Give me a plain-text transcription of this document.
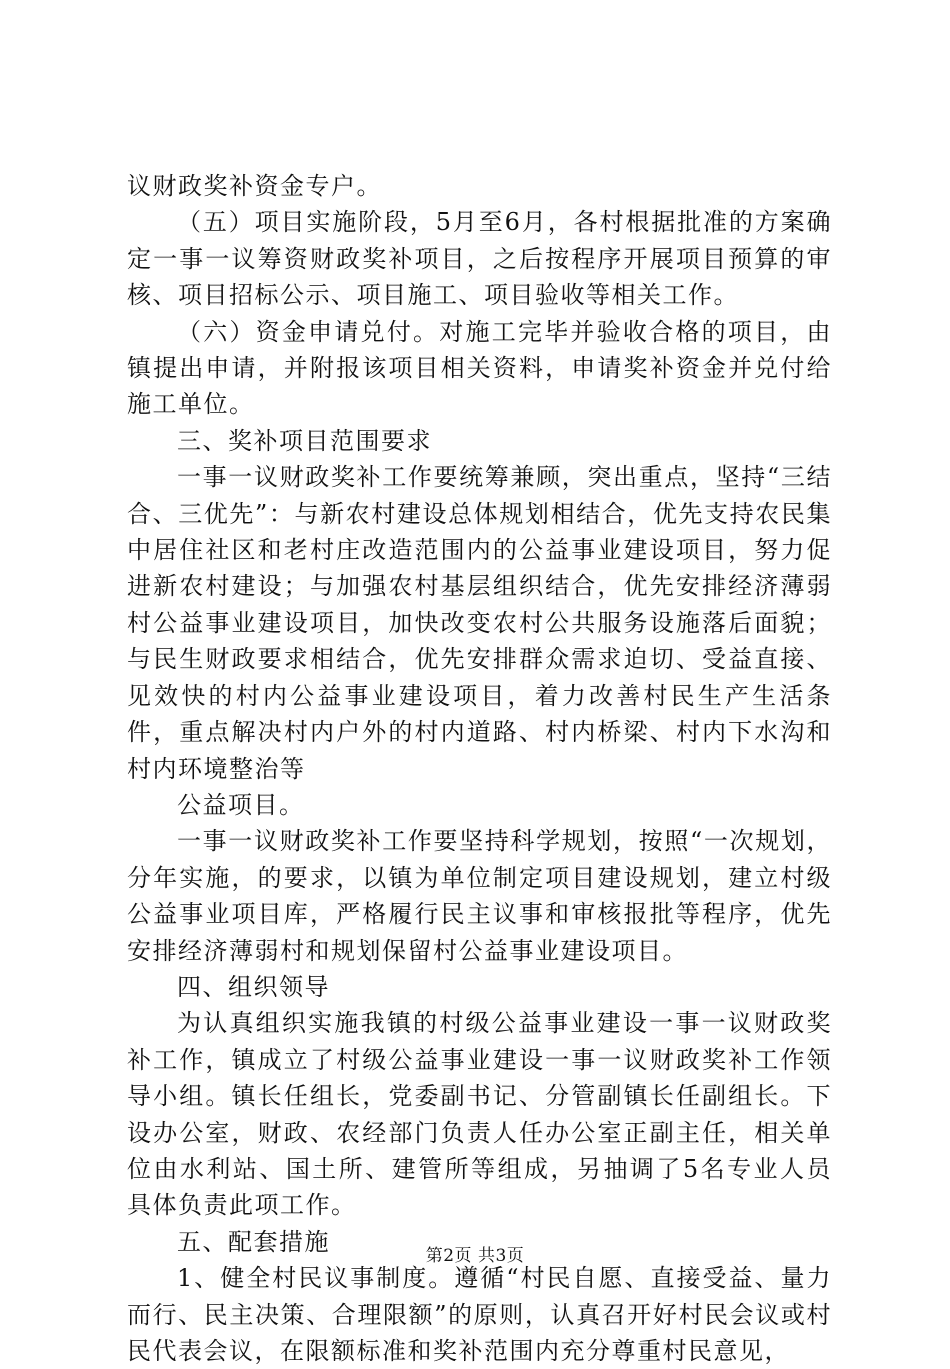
议财政奖补资金专户。

（五）项目实施阶段，5月至6月，各村根据批准的方案确定一事一议筹资财政奖补项目，之后按程序开展项目预算的审核、项目招标公示、项目施工、项目验收等相关工作。

（六）资金申请兑付。对施工完毕并验收合格的项目，由镇提出申请，并附报该项目相关资料，申请奖补资金并兑付给施工单位。

三、奖补项目范围要求

一事一议财政奖补工作要统筹兼顾，突出重点，坚持“三结合、三优先”：与新农村建设总体规划相结合，优先支持农民集中居住社区和老村庄改造范围内的公益事业建设项目，努力促进新农村建设；与加强农村基层组织结合，优先安排经济薄弱村公益事业建设项目，加快改变农村公共服务设施落后面貌；与民生财政要求相结合，优先安排群众需求迫切、受益直接、见效快的村内公益事业建设项目，着力改善村民生产生活条件，重点解决村内户外的村内道路、村内桥梁、村内下水沟和村内环境整治等

公益项目。

一事一议财政奖补工作要坚持科学规划，按照“一次规划，分年实施，的要求，以镇为单位制定项目建设规划，建立村级公益事业项目库，严格履行民主议事和审核报批等程序，优先安排经济薄弱村和规划保留村公益事业建设项目。

四、组织领导

为认真组织实施我镇的村级公益事业建设一事一议财政奖补工作，镇成立了村级公益事业建设一事一议财政奖补工作领导小组。镇长任组长，党委副书记、分管副镇长任副组长。下设办公室，财政、农经部门负责人任办公室正副主任，相关单位由水利站、国土所、建管所等组成，另抽调了5名专业人员具体负责此项工作。

五、配套措施

1、健全村民议事制度。遵循“村民自愿、直接受益、量力而行、民主决策、合理限额”的原则，认真召开好村民会议或村民代表会议，在限额标准和奖补范围内充分尊重村民意见，

第2页 共3页
